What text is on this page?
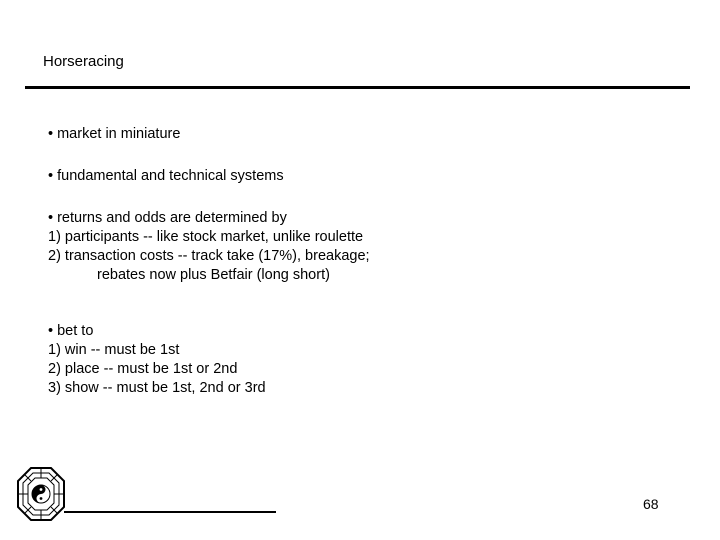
Horseracing
• market in miniature
• fundamental and technical systems
• returns and odds are determined by
1) participants -- like stock market, unlike roulette
2) transaction costs -- track take (17%), breakage;
rebates now plus Betfair (long short)
• bet to
1) win -- must be 1st
2) place -- must be 1st or 2nd
3) show -- must be 1st, 2nd or 3rd
68
